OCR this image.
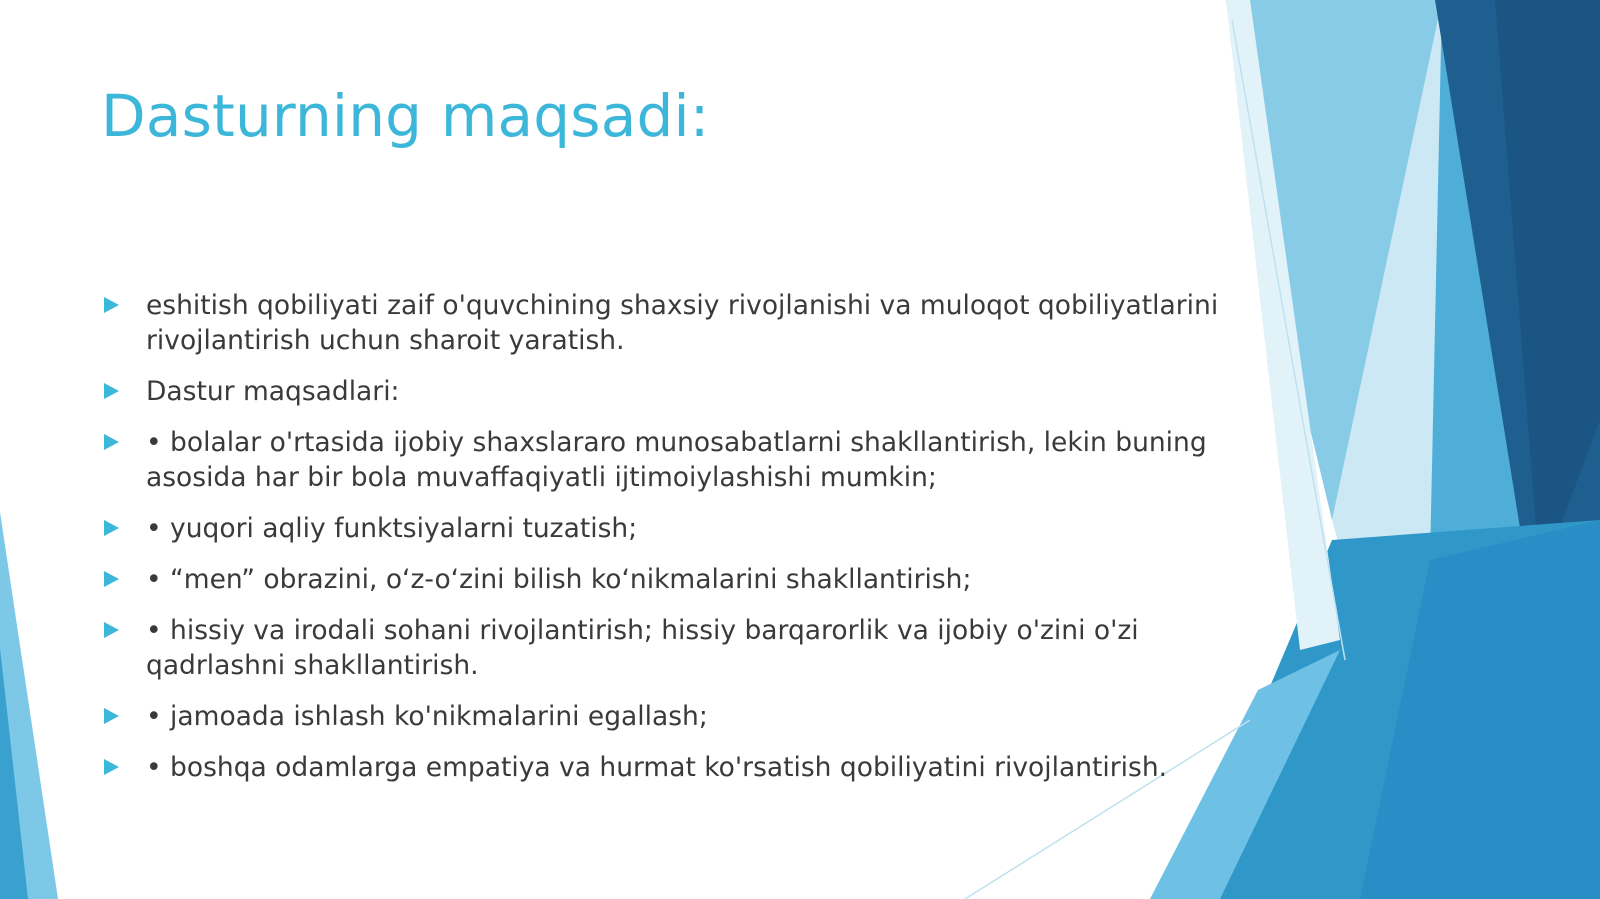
Dasturning maqsadi:
eshitish qobiliyati zaif o'quvchining shaxsiy rivojlanishi va muloqot qobiliyatlarini rivojlantirish uchun sharoit yaratish.
Dastur maqsadlari:
• bolalar o'rtasida ijobiy shaxslararo munosabatlarni shakllantirish, lekin buning asosida har bir bola muvaffaqiyatli ijtimoiylashishi mumkin;
• yuqori aqliy funktsiyalarni tuzatish;
• “men” obrazini, o‘z-o‘zini bilish ko‘nikmalarini shakllantirish;
• hissiy va irodali sohani rivojlantirish; hissiy barqarorlik va ijobiy o'zini o'zi qadrlashni shakllantirish.
• jamoada ishlash ko'nikmalarini egallash;
• boshqa odamlarga empatiya va hurmat ko'rsatish qobiliyatini rivojlantirish.
